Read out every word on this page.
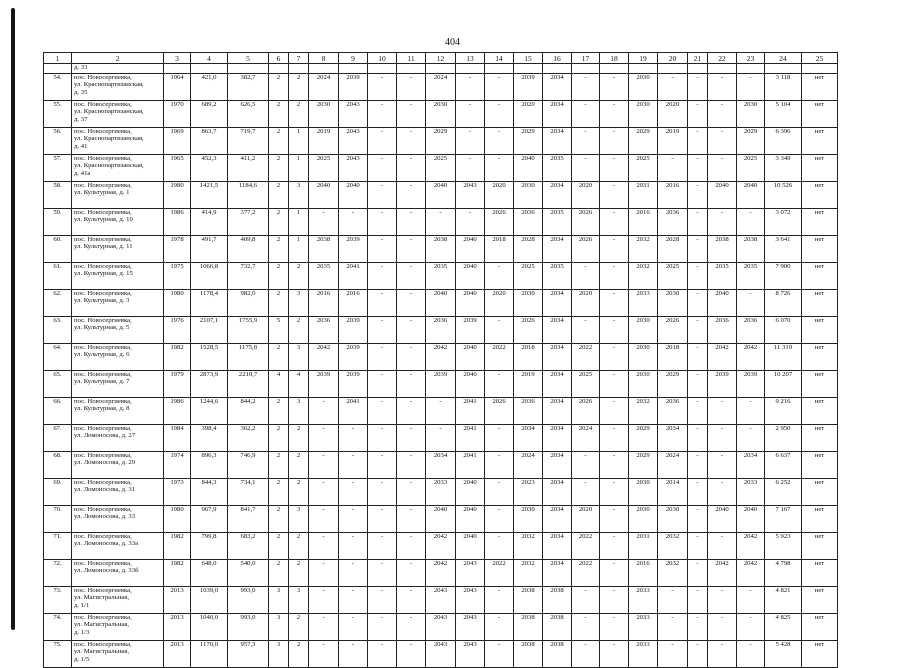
404
1	2	3	4	5	6	7	8	9	10	11	12	13	14	15	16	17	18	19	20	21	22	23	24	25
	д. 33																							
54.	пос. Новосергиевка,
ул. Краснопартизанская,
д. 35	1964	421,0	382,7	2	2	2024	2039	-	-	2024	-	-	2039	2034	-	-	2030	-	-	-	-	3 118	нет
55.	пос. Новосергиевка,
ул. Краснопартизанская,
д. 37	1970	689,2	626,5	2	2	2030	2043	-	-	2030	-	-	2020	2034	-	-	2030	2020	-	-	2030	5 104	нет
56.	пос. Новосергиевка,
ул. Краснопартизанская,
д. 41	1969	863,7	719,7	2	1	2019	2043	-	-	2029	-	-	2029	2034	-	-	2029	2019	-	-	2029	6 396	нет
57.	пос. Новосергиевка,
ул. Краснопартизанская,
д. 41а	1965	452,3	411,2	2	1	2025	2043	-	-	2025	-	-	2040	2035	-	-	2025	-	-	-	2025	3 349	нет
58.	пос. Новосергиевка,
ул. Культурная, д. 1	1980	1421,5	1184,6	2	3	2040	2040	-	-	2040	2043	2020	2030	2034	2020	-	2031	2016	-	2040	2040	10 526	нет
59.	пос. Новосергиевка,
ул. Культурная, д. 10	1986	414,9	377,2	2	1	-	-	-	-	-	-	2026	2036	2035	2026	-	2016	2036	-	-	-	3 072	нет
60.	пос. Новосергиевка,
ул. Культурная, д. 11	1978	491,7	409,8	2	1	2038	2039	-	-	2038	2040	2018	2028	2034	2026	-	2032	2028	-	2038	2038	3 641	нет
61.	пос. Новосергиевка,
ул. Культурная, д. 15	1975	1066,8	732,7	2	2	2035	2041	-	-	2035	2040	-	2025	2035	-	-	2032	2025	-	2035	2035	7 900	нет
62.	пос. Новосергиевка,
ул. Культурная, д. 3	1980	1178,4	982,0	2	3	2016	2016	-	-	2040	2040	2020	2030	2034	2020	-	2033	2030	-	2040	-	8 726	нет
63.	пос. Новосергиевка,
ул. Культурная, д. 5	1976	2107,1	1755,9	5	2	2036	2039	-	-	2036	2039	-	2026	2034	-	-	2030	2026	-	2036	2036	6 070	нет
64.	пос. Новосергиевка,
ул. Культурная, д. 6	1982	1528,5	1175,8	2	3	2042	2039	-	-	2042	2040	2022	2018	2034	2022	-	2030	2018	-	2042	2042	11 319	нет
65.	пос. Новосергиевка,
ул. Культурная, д. 7	1979	2873,9	2210,7	4	4	2039	2039	-	-	2039	2040	-	2019	2034	2025	-	2030	2029	-	2039	2039	10 207	нет
66.	пос. Новосергиевка,
ул. Культурная, д. 8	1986	1244,6	844,2	2	3	-	2041	-	-	-	2041	2026	2036	2034	2026	-	2032	2036	-	-	-	9 216	нет
67.	пос. Новосергиевка,
ул. Ломоносова, д. 27	1984	398,4	362,2	2	2	-	-	-	-	-	2041	-	2034	2034	2024	-	2029	2034	-	-	-	2 950	нет
68.	пос. Новосергиевка,
ул. Ломоносова, д. 29	1974	896,3	746,9	2	2	-	-	-	-	2034	2041	-	2024	2034	-	-	2029	2024	-	-	2034	6 637	нет
69.	пос. Новосергиевка,
ул. Ломоносова, д. 31	1973	844,3	734,1	2	2	-	-	-	-	2033	2040	-	2023	2034	-	-	2030	2014	-	-	2033	6 252	нет
70.	пос. Новосергиевка,
ул. Ломоносова, д. 33	1980	967,9	841,7	2	3	-	-	-	-	2040	2040	-	2030	2034	2020	-	2030	2030	-	2040	2040	7 167	нет
71.	пос. Новосергиевка,
ул. Ломоносова, д. 33а	1982	799,8	683,2	2	2	-	-	-	-	2042	2040	-	2032	2034	2022	-	2031	2032	-	-	2042	5 923	нет
72.	пос. Новосергиевка,
ул. Ломоносова, д. 33б	1982	648,0	540,0	2	2	-	-	-	-	2042	2043	2022	2032	2034	2022	-	2016	2032	-	2042	2042	4 798	нет
73.	пос. Новосергиевка,
ул. Магистральная,
д. 1/1	2013	1039,0	993,0	3	3	-	-	-	-	2043	2043	-	2038	2038	-	-	2033	-	-	-	-	4 821	нет
74.	пос. Новосергиевка,
ул. Магистральная,
д. 1/3	2013	1040,0	993,0	3	2	-	-	-	-	2043	2043	-	2038	2038	-	-	2033	-	-	-	-	4 825	нет
75.	пос. Новосергиевка,
ул. Магистральная,
д. 1/5	2013	1170,0	957,3	3	2	-	-	-	-	2043	2043	-	2038	2038	-	-	2033	-	-	-	-	5 428	нет
